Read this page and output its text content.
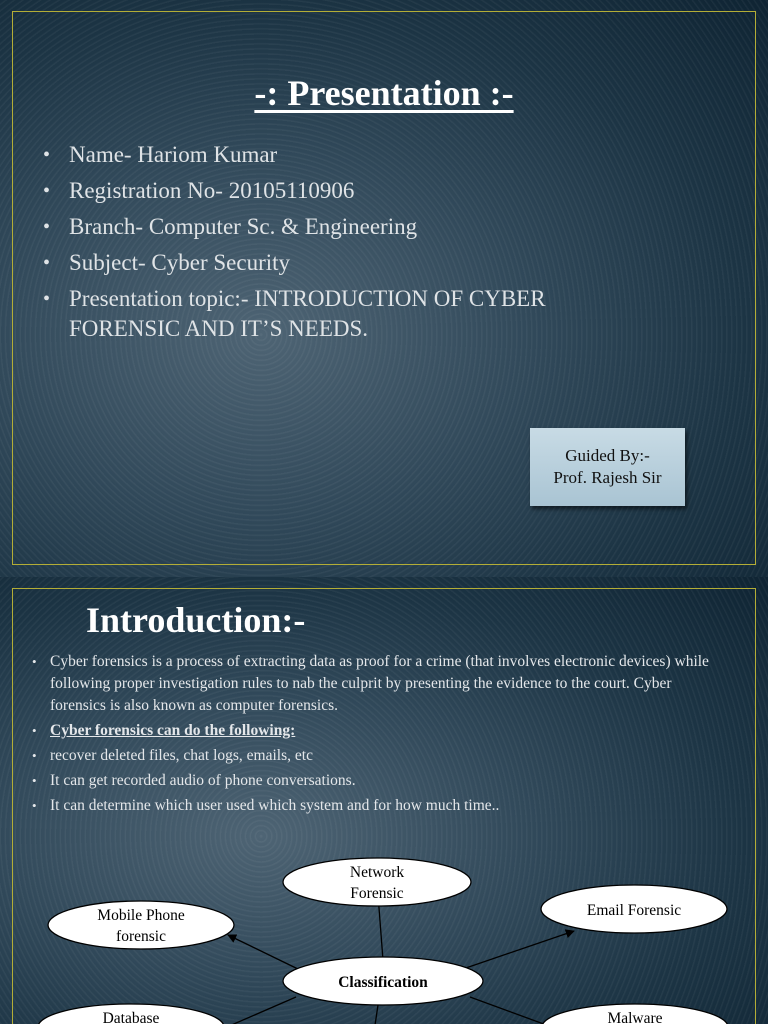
-: Presentation :-
• Name- Hariom Kumar
• Registration No- 20105110906
• Branch- Computer Sc. & Engineering
• Subject- Cyber Security
• Presentation topic:- INTRODUCTION OF CYBER FORENSIC AND IT’S NEEDS.
Guided By:-
Prof. Rajesh Sir
Introduction:-
• Cyber forensics is a process of extracting data as proof for a crime (that involves electronic devices) while following proper investigation rules to nab the culprit by presenting the evidence to the court. Cyber forensics is also known as computer forensics.
• Cyber forensics can do the following:
• recover deleted files, chat logs, emails, etc
• It can get recorded audio of phone conversations.
• It can determine which user used which system and for how much time..
Network
Forensic
Mobile Phone
forensic
Email Forensic
Classification
Database	Malware
